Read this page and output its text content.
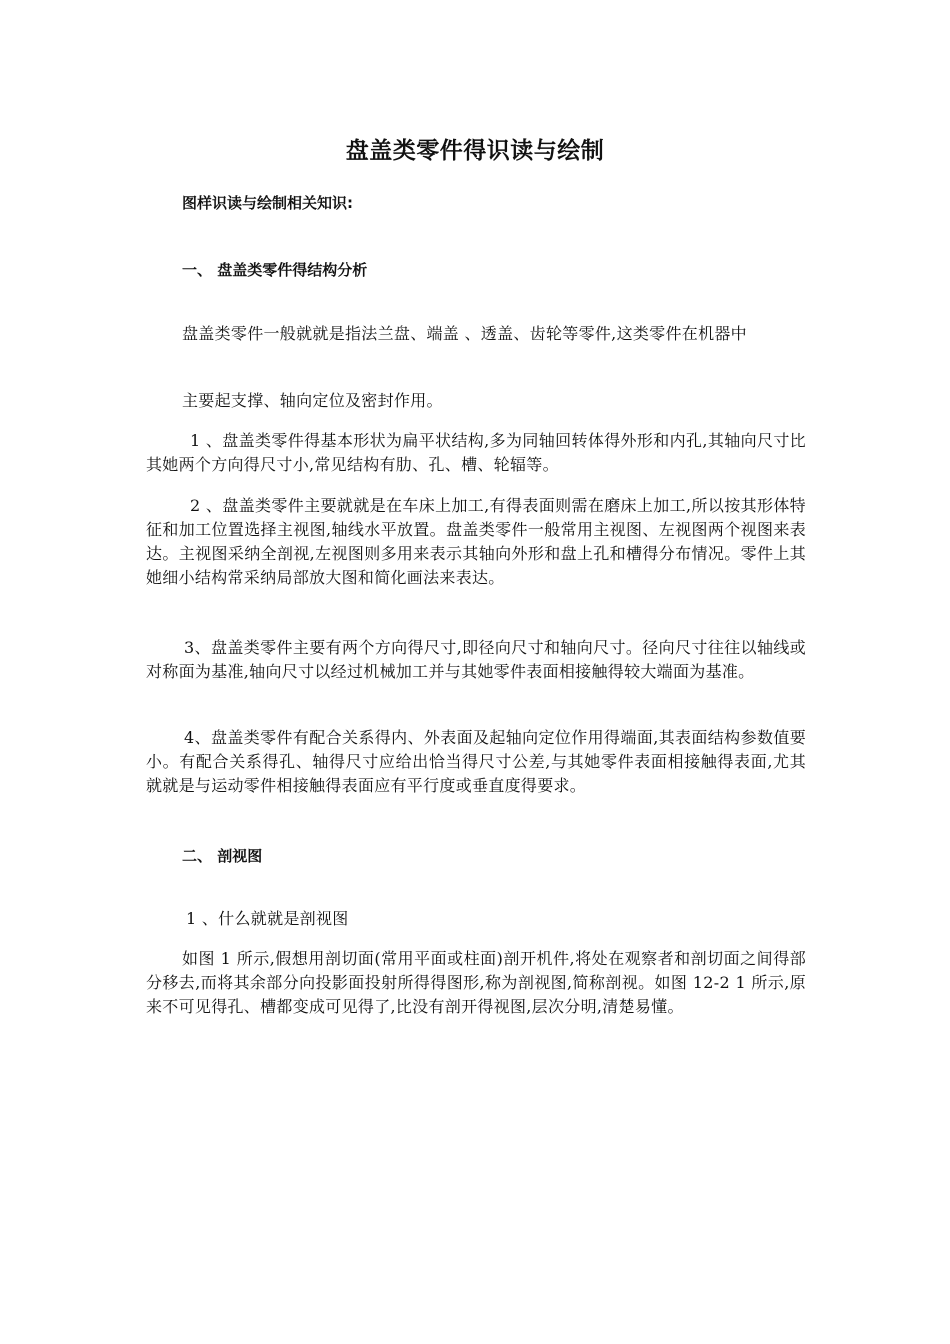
盘盖类零件得识读与绘制
图样识读与绘制相关知识:
一、 盘盖类零件得结构分析
盘盖类零件一般就就是指法兰盘、端盖 、透盖、齿轮等零件,这类零件在机器中
主要起支撑、轴向定位及密封作用。
1 、盘盖类零件得基本形状为扁平状结构,多为同轴回转体得外形和内孔,其轴向尺寸比其她两个方向得尺寸小,常见结构有肋、孔、槽、轮辐等。
2 、盘盖类零件主要就就是在车床上加工,有得表面则需在磨床上加工,所以按其形体特征和加工位置选择主视图,轴线水平放置。盘盖类零件一般常用主视图、左视图两个视图来表达。主视图采纳全剖视,左视图则多用来表示其轴向外形和盘上孔和槽得分布情况。零件上其她细小结构常采纳局部放大图和简化画法来表达。
3、盘盖类零件主要有两个方向得尺寸,即径向尺寸和轴向尺寸。径向尺寸往往以轴线或对称面为基准,轴向尺寸以经过机械加工并与其她零件表面相接触得较大端面为基准。
4、盘盖类零件有配合关系得内、外表面及起轴向定位作用得端面,其表面结构参数值要小。有配合关系得孔、轴得尺寸应给出恰当得尺寸公差,与其她零件表面相接触得表面,尤其就就是与运动零件相接触得表面应有平行度或垂直度得要求。
二、 剖视图
1 、什么就就是剖视图
如图 1 所示,假想用剖切面(常用平面或柱面)剖开机件,将处在观察者和剖切面之间得部分移去,而将其余部分向投影面投射所得得图形,称为剖视图,简称剖视。如图 12-2 1 所示,原来不可见得孔、槽都变成可见得了,比没有剖开得视图,层次分明,清楚易懂。
